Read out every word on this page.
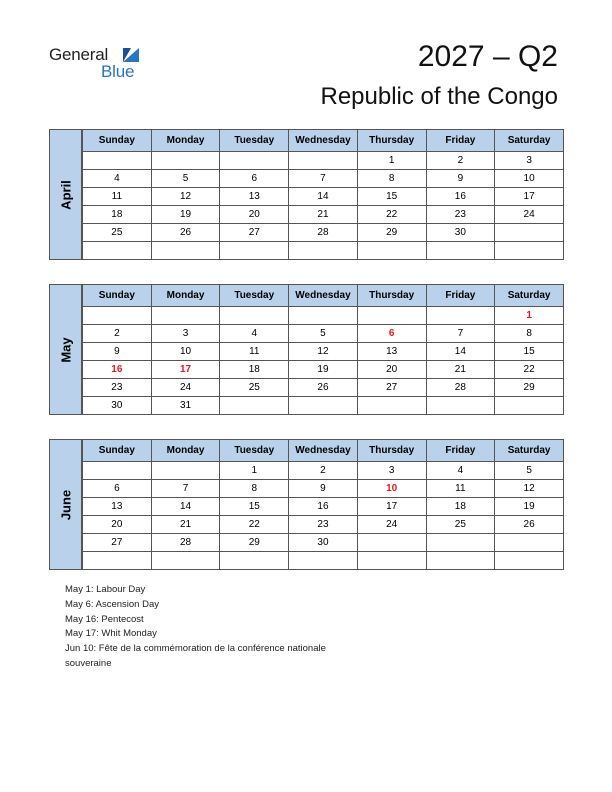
General
Blue	2027 – Q2
Republic of the Congo
April
Sunday	Monday	Tuesday	Wednesday	Thursday	Friday	Saturday
				1	2	3
4	5	6	7	8	9	10
11	12	13	14	15	16	17
18	19	20	21	22	23	24
25	26	27	28	29	30	

May
Sunday	Monday	Tuesday	Wednesday	Thursday	Friday	Saturday
						1
2	3	4	5	6	7	8
9	10	11	12	13	14	15
16	17	18	19	20	21	22
23	24	25	26	27	28	29
30	31					
June
Sunday	Monday	Tuesday	Wednesday	Thursday	Friday	Saturday
		1	2	3	4	5
6	7	8	9	10	11	12
13	14	15	16	17	18	19
20	21	22	23	24	25	26
27	28	29	30			

May 1: Labour Day
May 6: Ascension Day
May 16: Pentecost
May 17: Whit Monday
Jun 10: Fête de la commémoration de la conférence nationale souveraine
